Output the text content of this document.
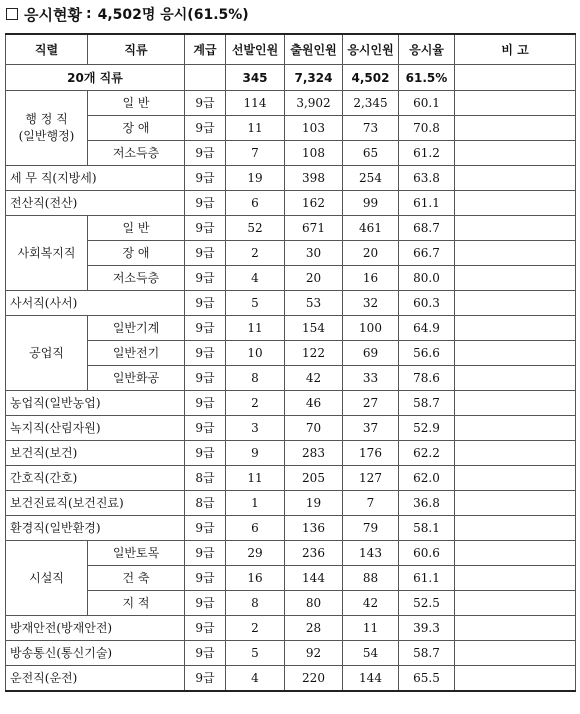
응시현황 : 4,502명 응시(61.5%)
직렬	직류	계급	선발인원	출원인원	응시인원	응시율	비 고
20개 직류			345	7,324	4,502	61.5%	
행 정 직
(일반행정)	일 반	9급	114	3,902	2,345	60.1	
	장 애	9급	11	103	73	70.8	
	저소득층	9급	7	108	65	61.2	
세 무 직(지방세)		9급	19	398	254	63.8	
전산직(전산)		9급	6	162	99	61.1	
사회복지직	일 반	9급	52	671	461	68.7	
	장 애	9급	2	30	20	66.7	
	저소득층	9급	4	20	16	80.0	
사서직(사서)		9급	5	53	32	60.3	
공업직	일반기계	9급	11	154	100	64.9	
	일반전기	9급	10	122	69	56.6	
	일반화공	9급	8	42	33	78.6	
농업직(일반농업)		9급	2	46	27	58.7	
녹지직(산림자원)		9급	3	70	37	52.9	
보건직(보건)		9급	9	283	176	62.2	
간호직(간호)		8급	11	205	127	62.0	
보건진료직(보건진료)		8급	1	19	7	36.8	
환경직(일반환경)		9급	6	136	79	58.1	
시설직	일반토목	9급	29	236	143	60.6	
	건 축	9급	16	144	88	61.1	
	지 적	9급	8	80	42	52.5	
방재안전(방재안전)		9급	2	28	11	39.3	
방송통신(통신기술)		9급	5	92	54	58.7	
운전직(운전)		9급	4	220	144	65.5	
